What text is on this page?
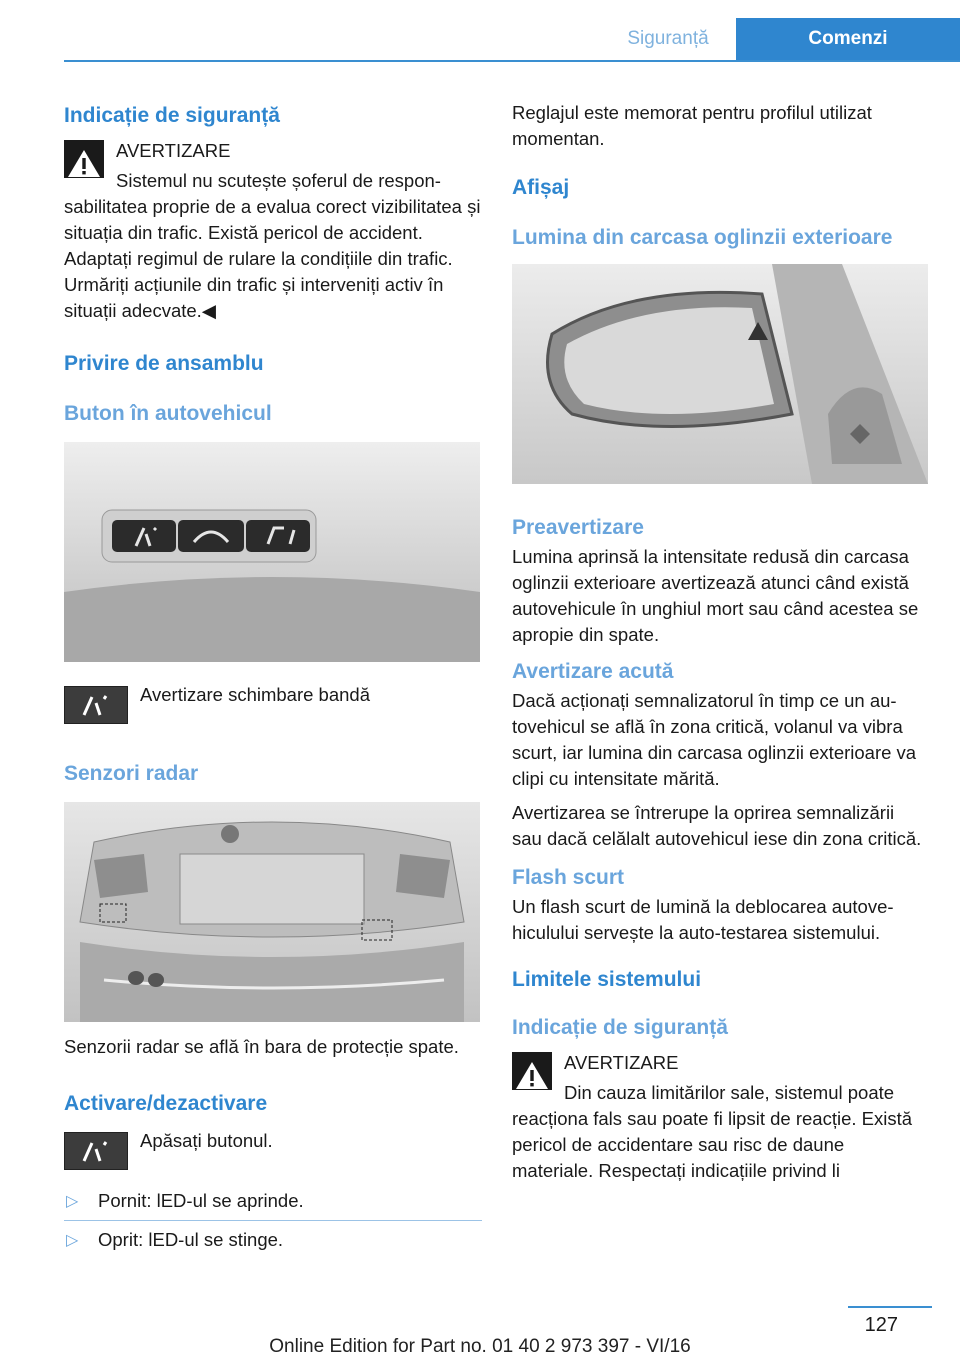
Siguranță	Comenzi
Indicație de siguranță

AVERTIZARE

Sistemul nu scutește șoferul de responsabilitatea proprie de a evalua corect vizibilitatea și situația din trafic. Există pericol de accident. Adaptați regimul de rulare la condițiile din trafic. Urmăriți acțiunile din trafic și interveniți activ în situații adecvate.◀

Privire de ansamblu
Buton în autovehicul

Avertizare schimbare bandă

Senzori radar

Senzorii radar se află în bara de protecție spate.

Activare/dezactivare

Apăsați butonul.

▷ Pornit: lED-ul se aprinde.
▷ Oprit: lED-ul se stinge.

Reglajul este memorat pentru profilul utilizat momentan.

Afișaj
Lumina din carcasa oglinzii exterioare
Preavertizare

Lumina aprinsă la intensitate redusă din carcasa oglinzii exterioare avertizează atunci când există autovehicule în unghiul mort sau când acestea se apropie din spate.

Avertizare acută

Dacă acționați semnalizatorul în timp ce un autovehicul se află în zona critică, volanul va vibra scurt, iar lumina din carcasa oglinzii exterioare va clipi cu intensitate mărită.

Avertizarea se întrerupe la oprirea semnalizării sau dacă celălalt autovehicul iese din zona critică.

Flash scurt

Un flash scurt de lumină la deblocarea autovehiculului servește la auto-testarea sistemului.

Limitele sistemului
Indicație de siguranță

AVERTIZARE

Din cauza limitărilor sale, sistemul poate reacționa fals sau poate fi lipsit de reacție. Există pericol de accidentare sau risc de daune materiale. Respectați indicațiile privind li

127
Online Edition for Part no. 01 40 2 973 397 - VI/16
